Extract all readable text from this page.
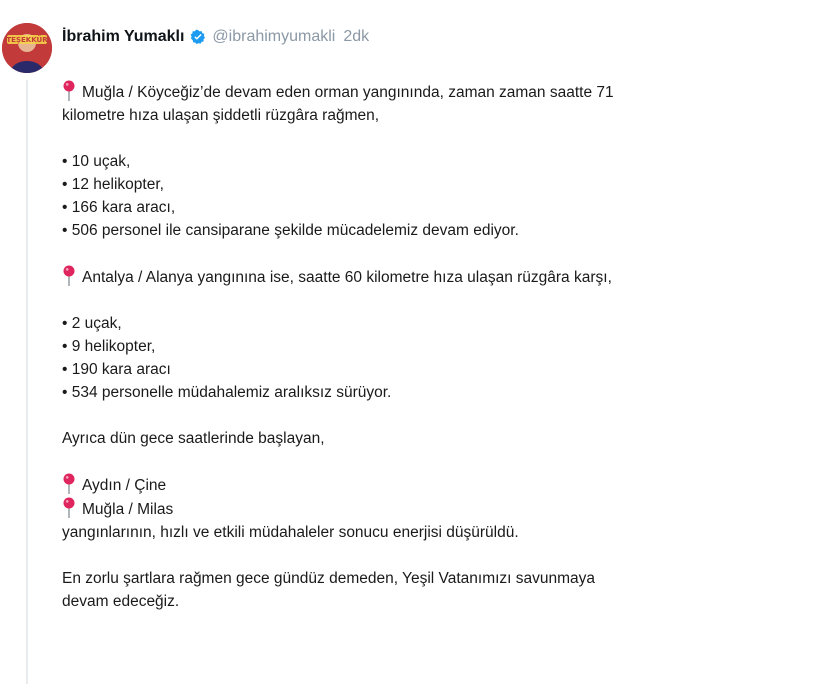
TEŞEKKÜR İbrahim Yumaklı @ibrahimyumakli 2dk
Muğla / Köyceğiz’de devam eden orman yangınında, zaman zaman saatte 71
kilometre hıza ulaşan şiddetli rüzgâra rağmen,
• 10 uçak,
• 12 helikopter,
• 166 kara aracı,
• 506 personel ile cansiparane şekilde mücadelemiz devam ediyor.
Antalya / Alanya yangınına ise, saatte 60 kilometre hıza ulaşan rüzgâra karşı,
• 2 uçak,
• 9 helikopter,
• 190 kara aracı
• 534 personelle müdahalemiz aralıksız sürüyor.
Ayrıca dün gece saatlerinde başlayan,
Aydın / Çine
Muğla / Milas
yangınlarının, hızlı ve etkili müdahaleler sonucu enerjisi düşürüldü.
En zorlu şartlara rağmen gece gündüz demeden, Yeşil Vatanımızı savunmaya
devam edeceğiz.
